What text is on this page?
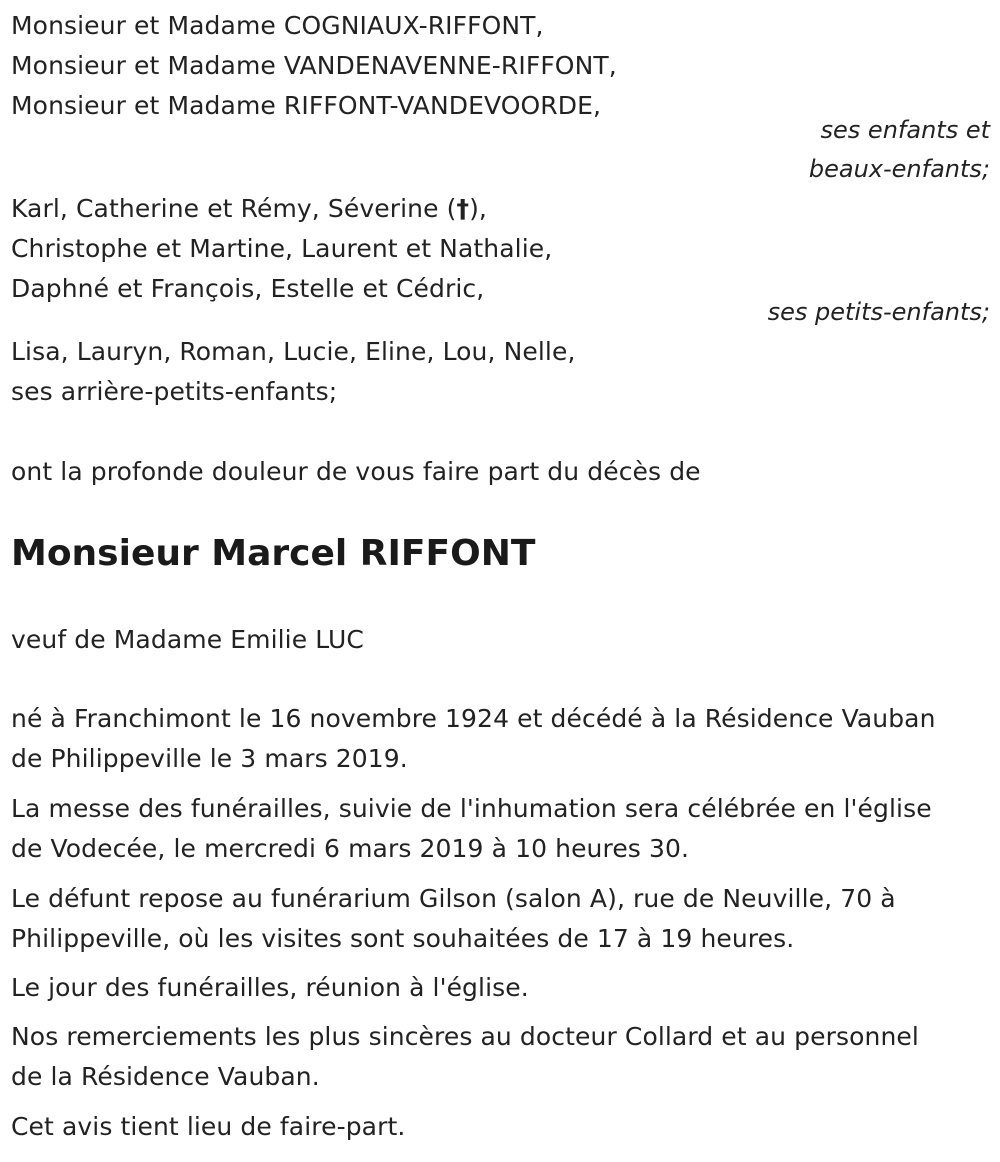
Monsieur et Madame COGNIAUX-RIFFONT,
Monsieur et Madame VANDENAVENNE-RIFFONT,
Monsieur et Madame RIFFONT-VANDEVOORDE,
ses enfants et
beaux-enfants;
Karl, Catherine et Rémy, Séverine (†),
Christophe et Martine, Laurent et Nathalie,
Daphné et François, Estelle et Cédric,
ses petits-enfants;
Lisa, Lauryn, Roman, Lucie, Eline, Lou, Nelle,
ses arrière-petits-enfants;
ont la profonde douleur de vous faire part du décès de
Monsieur Marcel RIFFONT
veuf de Madame Emilie LUC
né à Franchimont le 16 novembre 1924 et décédé à la Résidence Vauban
de Philippeville le 3 mars 2019.
La messe des funérailles, suivie de l'inhumation sera célébrée en l'église
de Vodecée, le mercredi 6 mars 2019 à 10 heures 30.
Le défunt repose au funérarium Gilson (salon A), rue de Neuville, 70 à
Philippeville, où les visites sont souhaitées de 17 à 19 heures.
Le jour des funérailles, réunion à l'église.
Nos remerciements les plus sincères au docteur Collard et au personnel
de la Résidence Vauban.
Cet avis tient lieu de faire-part.
